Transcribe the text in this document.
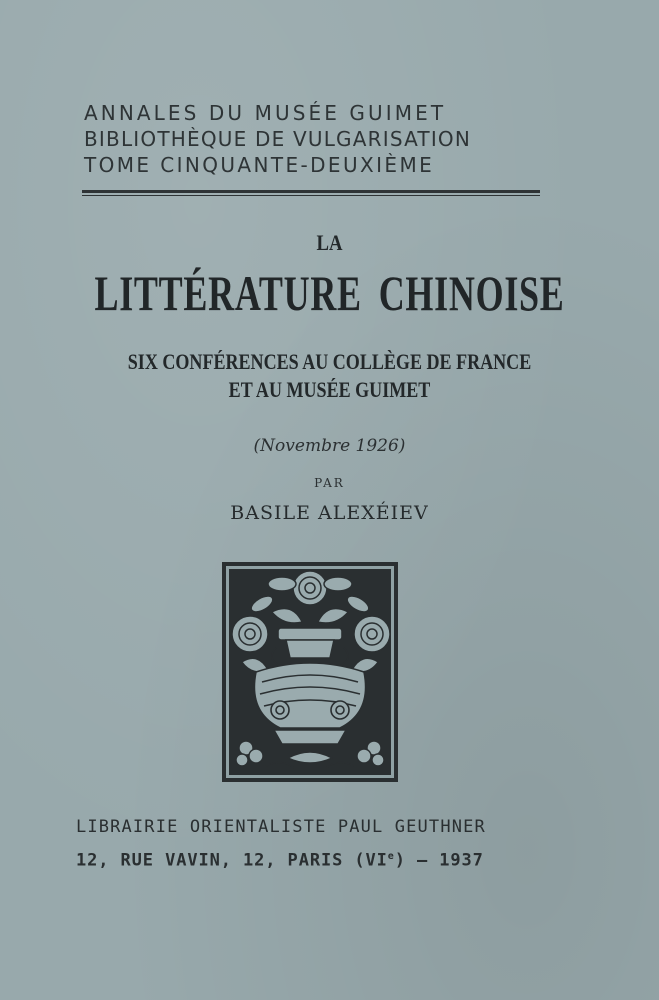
ANNALES DU MUSÉE GUIMET
BIBLIOTHÈQUE DE VULGARISATION
TOME CINQUANTE-DEUXIÈME
LA
LITTÉRATURE CHINOISE
SIX CONFÉRENCES AU COLLÈGE DE FRANCE
ET AU MUSÉE GUIMET
(Novembre 1926)
PAR
BASILE ALEXÉIEV
LIBRAIRIE ORIENTALISTE PAUL GEUTHNER
12, RUE VAVIN, 12, PARIS (VIe) — 1937
